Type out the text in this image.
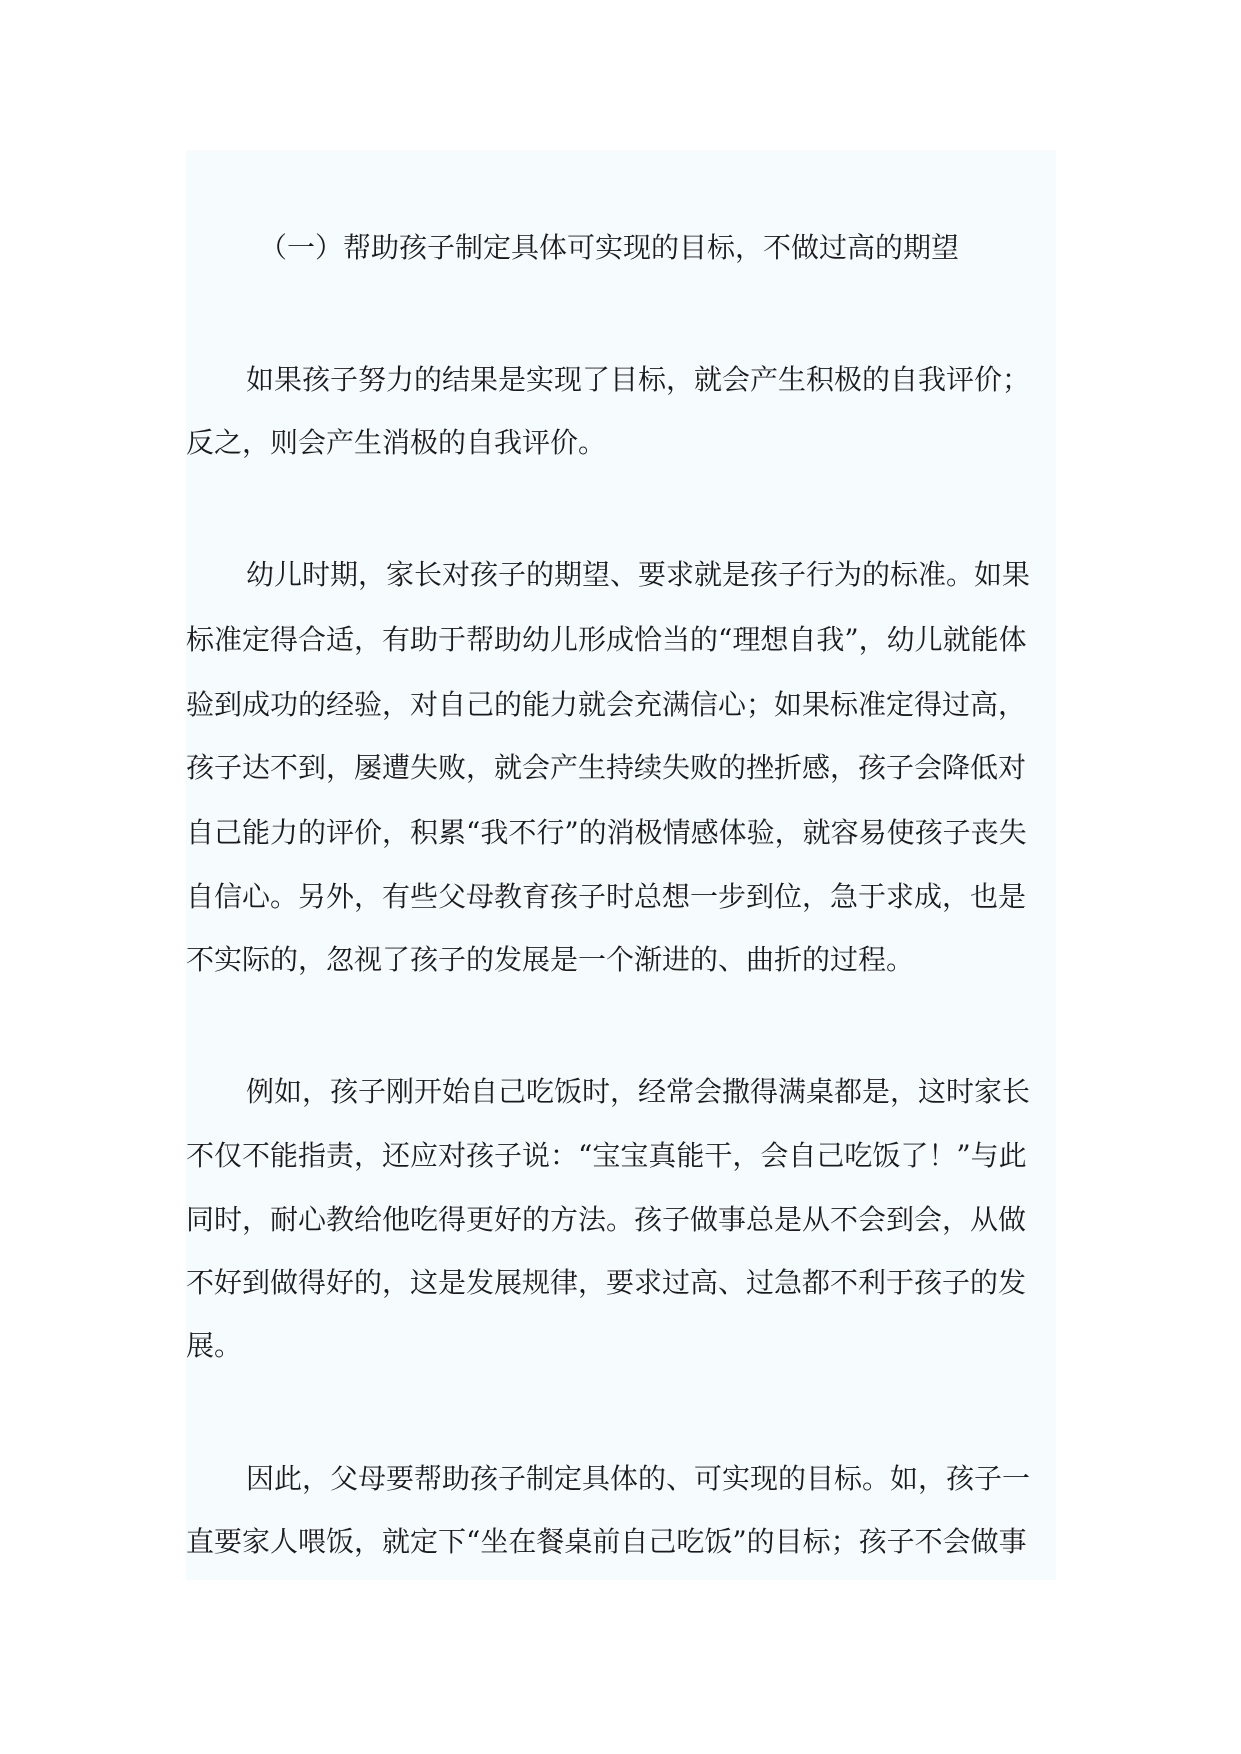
（一）帮助孩子制定具体可实现的目标，不做过高的期望

如果孩子努力的结果是实现了目标，就会产生积极的自我评价；

反之，则会产生消极的自我评价。

幼儿时期，家长对孩子的期望、要求就是孩子行为的标准。如果

标准定得合适，有助于帮助幼儿形成恰当的“理想自我”，幼儿就能体

验到成功的经验，对自己的能力就会充满信心；如果标准定得过高，

孩子达不到，屡遭失败，就会产生持续失败的挫折感，孩子会降低对

自己能力的评价，积累“我不行”的消极情感体验，就容易使孩子丧失

自信心。另外，有些父母教育孩子时总想一步到位，急于求成，也是

不实际的，忽视了孩子的发展是一个渐进的、曲折的过程。

例如，孩子刚开始自己吃饭时，经常会撒得满桌都是，这时家长

不仅不能指责，还应对孩子说：“宝宝真能干，会自己吃饭了！”与此

同时，耐心教给他吃得更好的方法。孩子做事总是从不会到会，从做

不好到做得好的，这是发展规律，要求过高、过急都不利于孩子的发

展。

因此，父母要帮助孩子制定具体的、可实现的目标。如，孩子一

直要家人喂饭，就定下“坐在餐桌前自己吃饭”的目标；孩子不会做事
